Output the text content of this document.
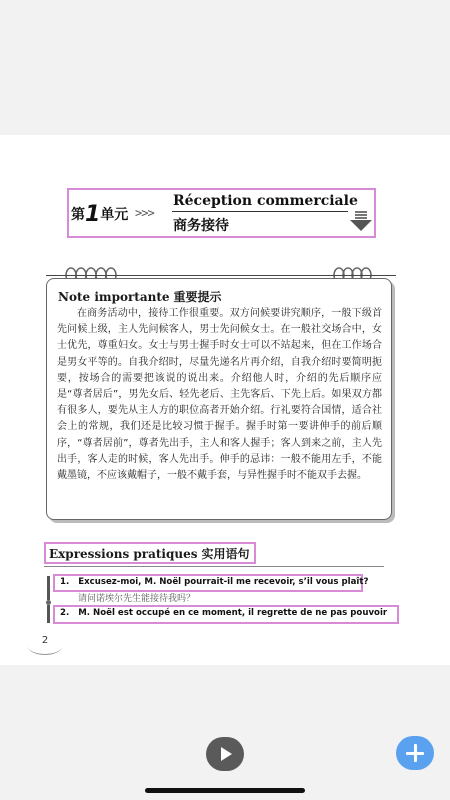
第1单元 >>>
Réception commerciale
商务接待
Note importante 重要提示
在商务活动中，接待工作很重要。双方问候要讲究顺序，一般下级首先问候上级，主人先问候客人，男士先问候女士。在一般社交场合中，女士优先，尊重妇女。女士与男士握手时女士可以不站起来，但在工作场合是男女平等的。自我介绍时，尽量先递名片再介绍，自我介绍时要简明扼要，按场合的需要把该说的说出来。介绍他人时，介绍的先后顺序应是“尊者居后”，男先女后、轻先老后、主先客后、下先上后。如果双方都有很多人，要先从主人方的职位高者开始介绍。行礼要符合国情，适合社会上的常规，我们还是比较习惯于握手。握手时第一要讲伸手的前后顺序，“尊者居前”，尊者先出手，主人和客人握手；客人到来之前，主人先出手，客人走的时候，客人先出手。伸手的忌讳：一般不能用左手，不能戴墨镜，不应该戴帽子，一般不戴手套，与异性握手时不能双手去握。
Expressions pratiques 实用语句
1. Excusez-moi, M. Noël pourrait-il me recevoir, s’il vous plaît?
请问诺埃尔先生能接待我吗？
2. M. Noël est occupé en ce moment, il regrette de ne pas pouvoir
2
